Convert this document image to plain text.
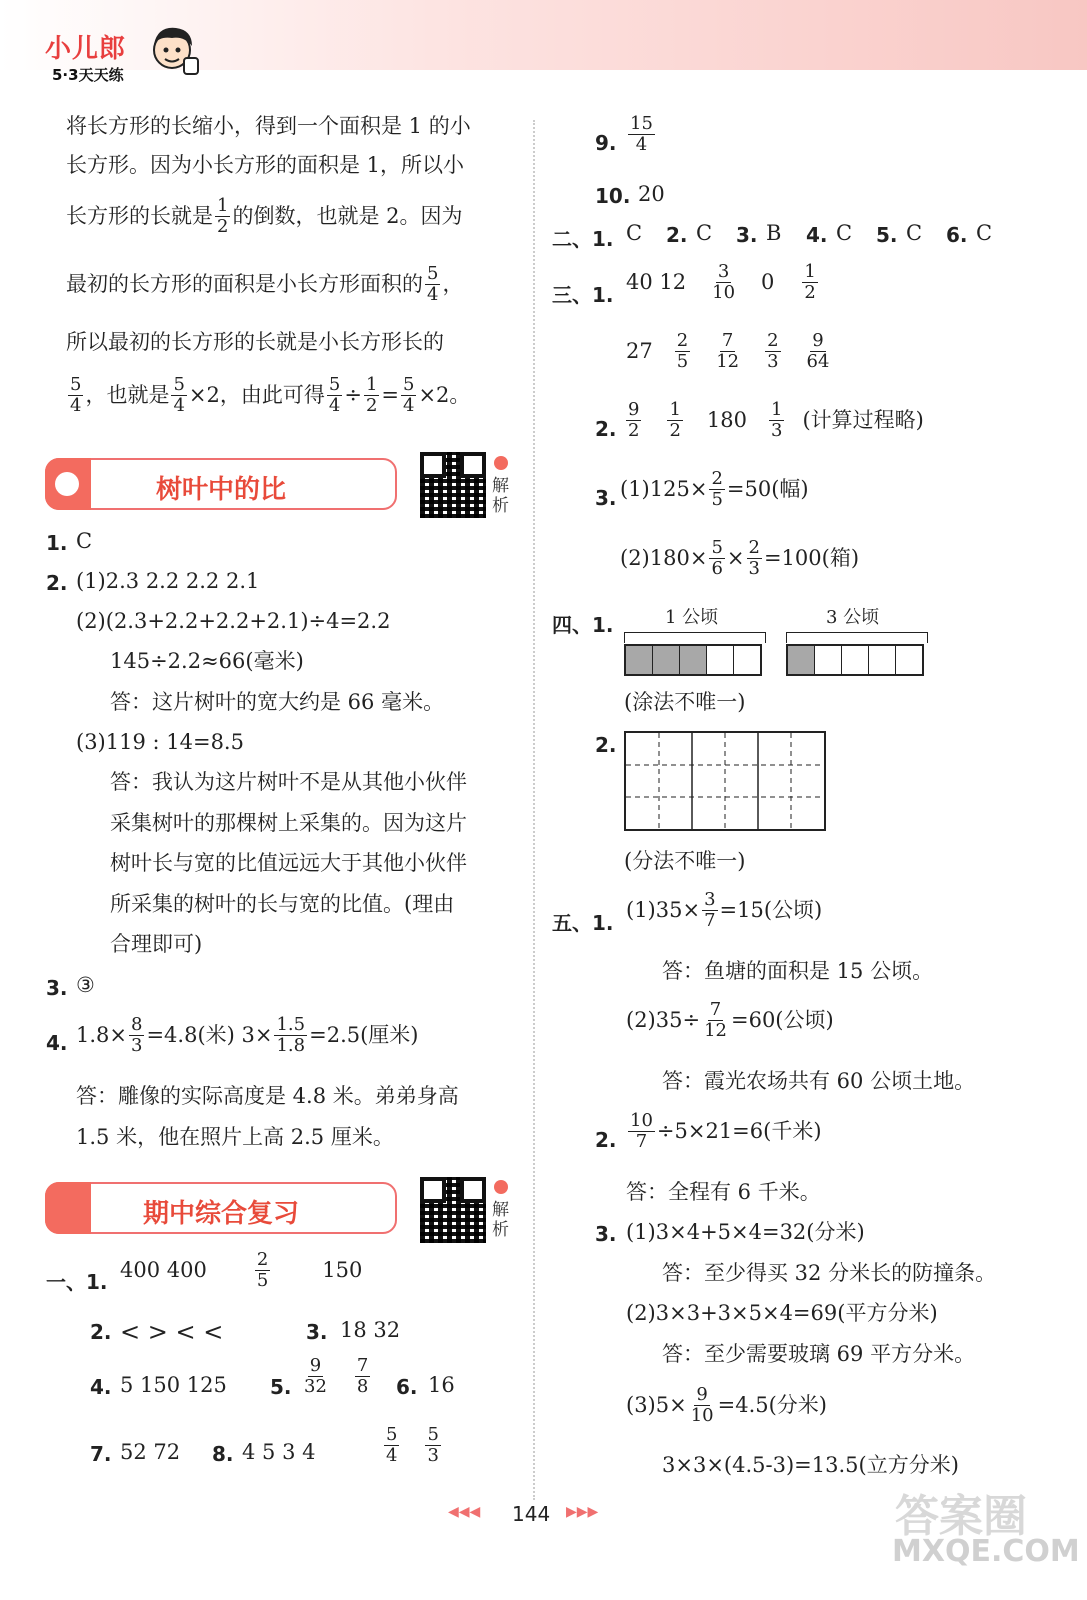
小儿郎
5·3天天练
将长方形的长缩小，得到一个面积是 1 的小
长方形。因为小长方形的面积是 1，所以小
长方形的长就是 $\frac{1}{2}$ 的倒数，也就是 2。因为
最初的长方形的面积是小长方形面积的 $\frac{5}{4}$ ，
所以最初的长方形的长就是小长方形长的
$\frac{5}{4}$ ，也就是 $\frac{5}{4} \times 2$，由此可得 $\frac{5}{4} \div \frac{1}{2} = \frac{5}{4} \times 2$。
树叶中的比	解析
1. C
2. (1)2.3 2.2 2.2 2.1
(2)(2.3+2.2+2.2+2.1)÷4=2.2
145÷2.2≈66(毫米)
答：这片树叶的宽大约是 66 毫米。
(3)119 : 14=8.5
答：我认为这片树叶不是从其他小伙伴
采集树叶的那棵树上采集的。因为这片
树叶长与宽的比值远远大于其他小伙伴
所采集的树叶的长与宽的比值。(理由
合理即可)
3. ③
4. $1.8\times \frac{8}{3} =4.8$(米) $3\times \frac{1.5}{1.8} =2.5$(厘米)
答：雕像的实际高度是 4.8 米。弟弟身高
1.5 米，他在照片上高 2.5 厘米。
期中综合复习	解析
一、1.
400 400	$\frac{2}{5} 150$
2. < > < <	3. 18 32
4. 5 150 125 5. $\frac{9}{32} \frac{7}{8} 6$. 16
7. 52 72 8. 4 5 3 4	$\frac{5}{4} \frac{5}{3}$
9. $\frac{15}{4}$
10. 20
二、1. C 2. C 3. B 4. C 5. C 6. C
三、1.
40 $12 \frac{3}{10} 0 \frac{1}{2}$
$27 \frac{2}{5} \frac{7}{12} \frac{2}{3} \frac{9}{64}$
2. $\frac{9}{2} \frac{1}{2} 180 \frac{1}{3}$ (计算过程略)
3. $(1)125\times \frac{2}{5} =50$(幅)
$(2)180\times \frac{5}{6} \times \frac{2}{3} =100$(箱)
四、1.	1 公顷	3 公顷
(涂法不唯一)
2.
(分法不唯一)
五、1.
$(1)35\times \frac{3}{7} =15$(公顷)
答：鱼塘的面积是 15 公顷。
$(2)35\div \frac{7}{12} =60$(公顷)
答：霞光农场共有 60 公顷土地。
2. $\frac{10}{7} \div 5\times 21=6$(千米)
答：全程有 6 千米。
3. (1)3×4+5×4=32(分米)
答：至少得买 32 分米长的防撞条。
(2)3×3+3×5×4=69(平方分米)
答：至少需要玻璃 69 平方分米。
$(3)5\times \frac{9}{10} =4.5$(分米)
3×3×(4.5-3)=13.5(立方分米)
◀◀◀ 144 ▶▶▶	答案圈
MXQE.COM
